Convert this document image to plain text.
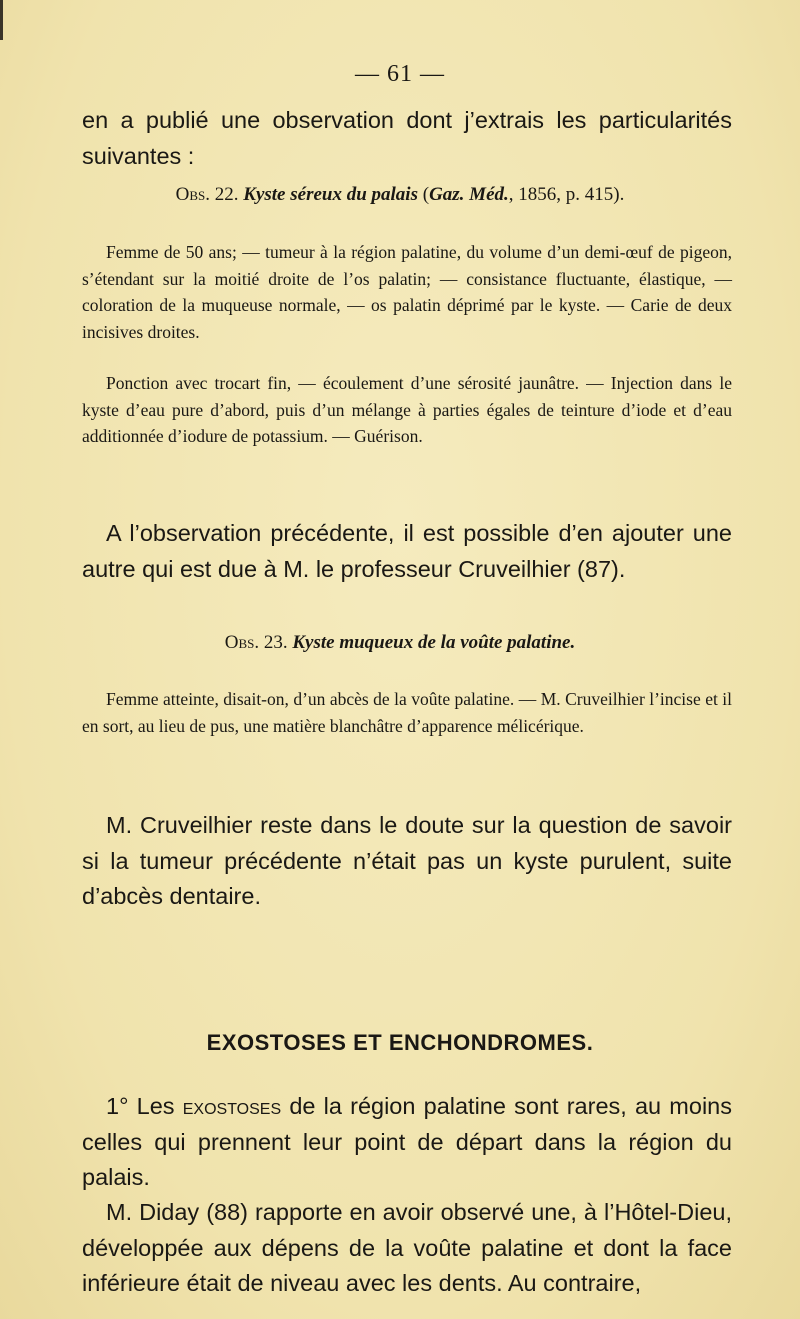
— 61 —

en a publié une observation dont j’extrais les particularités suivantes :

Obs. 22. Kyste séreux du palais (Gaz. Méd., 1856, p. 415).

Femme de 50 ans; — tumeur à la région palatine, du volume d’un demi-œuf de pigeon, s’étendant sur la moitié droite de l’os palatin; — consistance fluctuante, élastique, — coloration de la muqueuse normale, — os palatin déprimé par le kyste. — Carie de deux incisives droites.

Ponction avec trocart fin, — écoulement d’une sérosité jaunâtre. — Injection dans le kyste d’eau pure d’abord, puis d’un mélange à parties égales de teinture d’iode et d’eau additionnée d’iodure de potassium. — Guérison.

A l’observation précédente, il est possible d’en ajouter une autre qui est due à M. le professeur Cruveilhier (87).

Obs. 23. Kyste muqueux de la voûte palatine.

Femme atteinte, disait-on, d’un abcès de la voûte palatine. — M. Cruveilhier l’incise et il en sort, au lieu de pus, une matière blanchâtre d’apparence mélicérique.

M. Cruveilhier reste dans le doute sur la question de savoir si la tumeur précédente n’était pas un kyste purulent, suite d’abcès dentaire.

EXOSTOSES ET ENCHONDROMES.

1° Les exostoses de la région palatine sont rares, au moins celles qui prennent leur point de départ dans la région du palais.

M. Diday (88) rapporte en avoir observé une, à l’Hôtel-Dieu, développée aux dépens de la voûte palatine et dont la face inférieure était de niveau avec les dents. Au contraire,
